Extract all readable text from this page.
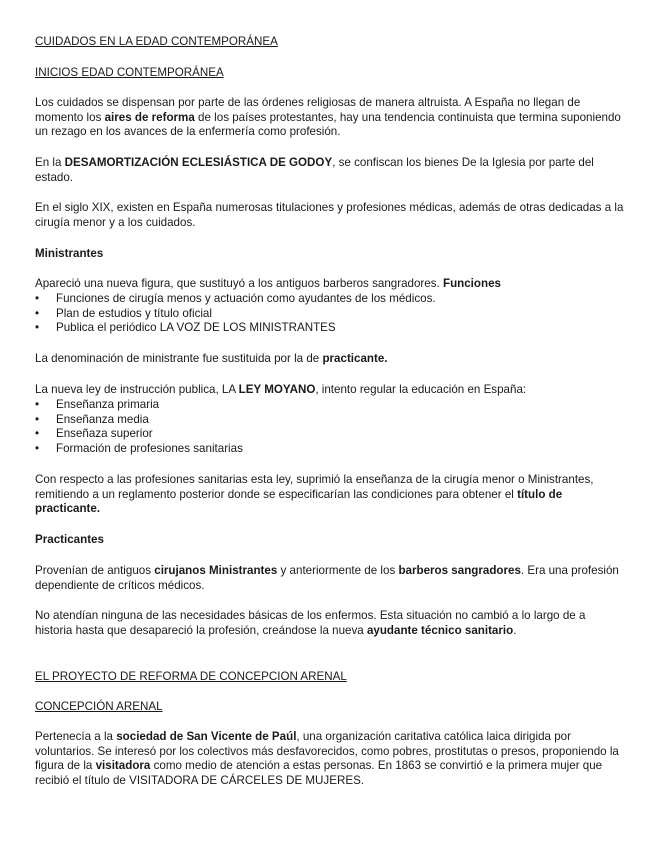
CUIDADOS EN LA EDAD CONTEMPORÁNEA

INICIOS EDAD CONTEMPORÁNEA

Los cuidados se dispensan por parte de las órdenes religiosas de manera altruista. A España no llegan de momento los aires de reforma de los países protestantes, hay una tendencia continuista que termina suponiendo un rezago en los avances de la enfermería como profesión.

En la DESAMORTIZACIÓN ECLESIÁSTICA DE GODOY, se confiscan los bienes De la Iglesia por parte del estado.

En el siglo XIX, existen en España numerosas titulaciones y profesiones médicas, además de otras dedicadas a la cirugía menor y a los cuidados.

Ministrantes

Apareció una nueva figura, que sustituyó a los antiguos barberos sangradores. Funciones

• Funciones de cirugía menos y actuación como ayudantes de los médicos.
• Plan de estudios y título oficial
• Publica el periódico LA VOZ DE LOS MINISTRANTES

La denominación de ministrante fue sustituida por la de practicante.

La nueva ley de instrucción publica, LA LEY MOYANO, intento regular la educación en España:

• Enseñanza primaria
• Enseñanza media
• Enseñaza superior
• Formación de profesiones sanitarias

Con respecto a las profesiones sanitarias esta ley, suprimió la enseñanza de la cirugía menor o Ministrantes, remitiendo a un reglamento posterior donde se especificarían las condiciones para obtener el título de practicante.

Practicantes

Provenían de antiguos cirujanos Ministrantes y anteriormente de los barberos sangradores. Era una profesión dependiente de críticos médicos.

No atendían ninguna de las necesidades básicas de los enfermos. Esta situación no cambió a lo largo de a historia hasta que desapareció la profesión, creándose la nueva ayudante técnico sanitario.

EL PROYECTO DE REFORMA DE CONCEPCION ARENAL

CONCEPCIÓN ARENAL

Pertenecía a la sociedad de San Vicente de Paúl, una organización caritativa católica laica dirigida por voluntarios. Se interesó por los colectivos más desfavorecidos, como pobres, prostitutas o presos, proponiendo la figura de la visitadora como medio de atención a estas personas. En 1863 se convirtió e la primera mujer que recibió el título de VISITADORA DE CÁRCELES DE MUJERES.
